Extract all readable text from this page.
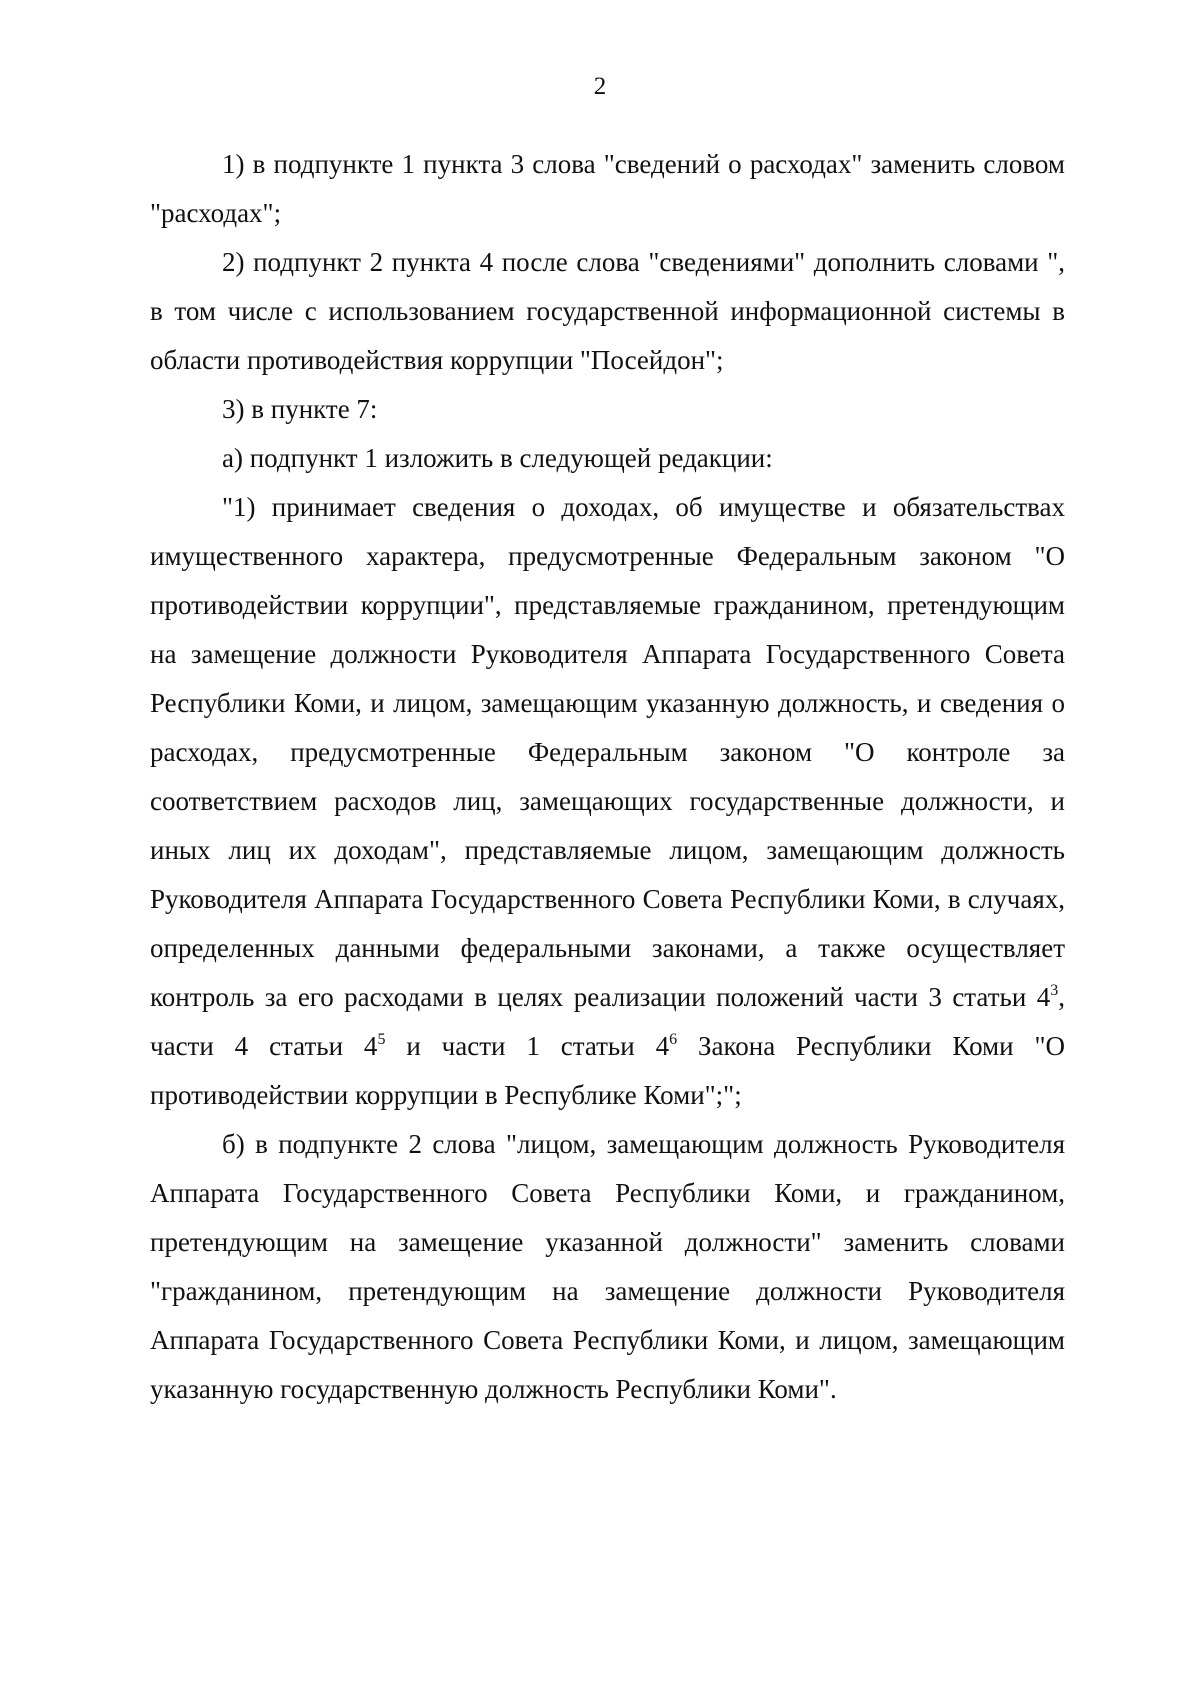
2

1) в подпункте 1 пункта 3 слова "сведений о расходах" заменить словом "расходах";

2) подпункт 2 пункта 4 после слова "сведениями" дополнить словами ", в том числе с использованием государственной информационной системы в области противодействия коррупции "Посейдон";

3) в пункте 7:

а) подпункт 1 изложить в следующей редакции:

"1) принимает сведения о доходах, об имуществе и обязательствах имущественного характера, предусмотренные Федеральным законом "О противодействии коррупции", представляемые гражданином, претендующим на замещение должности Руководителя Аппарата Государственного Совета Республики Коми, и лицом, замещающим указанную должность, и сведения о расходах, предусмотренные Федеральным законом "О контроле за соответствием расходов лиц, замещающих государственные должности, и иных лиц их доходам", представляемые лицом, замещающим должность Руководителя Аппарата Государственного Совета Республики Коми, в случаях, определенных данными федеральными законами, а также осуществляет контроль за его расходами в целях реализации положений части 3 статьи $4^3$, части 4 статьи $4^5$ и части 1 статьи $4^6$ Закона Республики Коми "О противодействии коррупции в Республике Коми";";

б) в подпункте 2 слова "лицом, замещающим должность Руководителя Аппарата Государственного Совета Республики Коми, и гражданином, претендующим на замещение указанной должности" заменить словами "гражданином, претендующим на замещение должности Руководителя Аппарата Государственного Совета Республики Коми, и лицом, замещающим указанную государственную должность Республики Коми".
